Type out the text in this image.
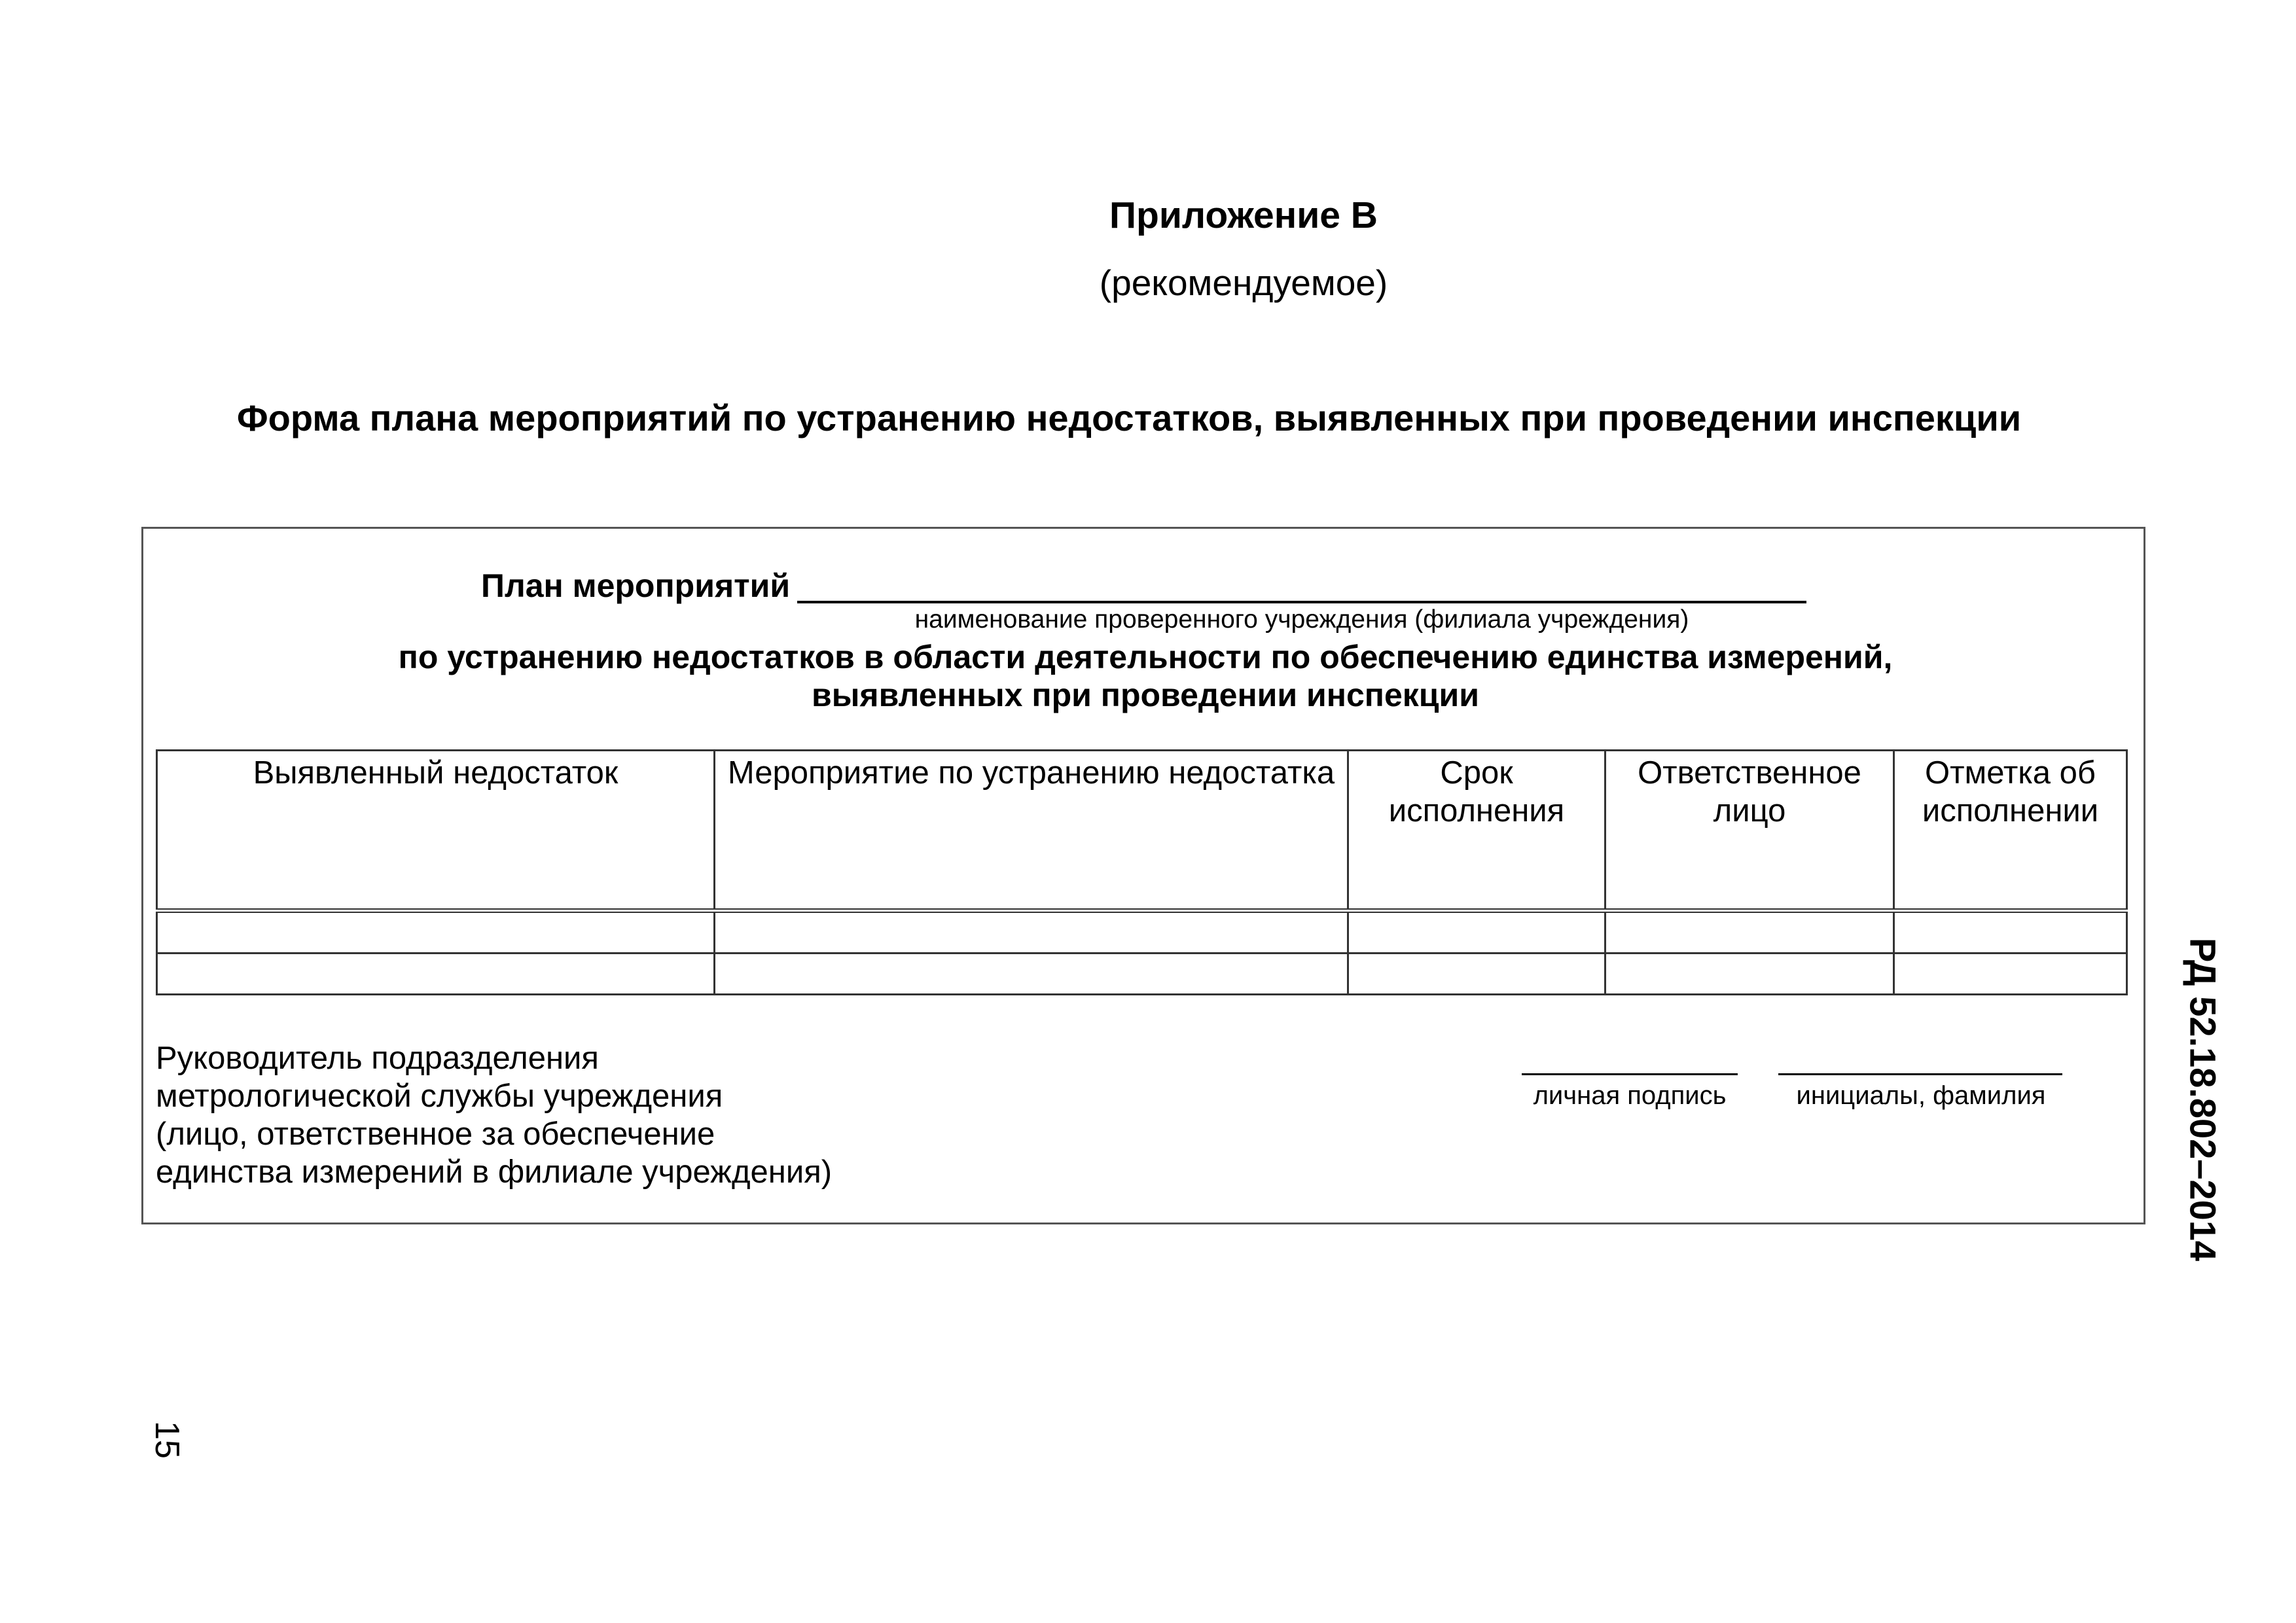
Приложение В
(рекомендуемое)
Форма плана мероприятий по устранению недостатков, выявленных при проведении инспекции
План мероприятий
наименование проверенного учреждения (филиала учреждения)
по устранению недостатков в области деятельности по обеспечению единства измерений,
выявленных при проведении инспекции
Выявленный недостаток	Мероприятие по устранению недостатка	Срок исполнения	Ответственное лицо	Отметка об исполнении

Руководитель подразделения
метрологической службы учреждения
(лицо, ответственное за обеспечение
единства измерений в филиале учреждения)
личная подпись	инициалы, фамилия	РД 52.18.802–2014
15
